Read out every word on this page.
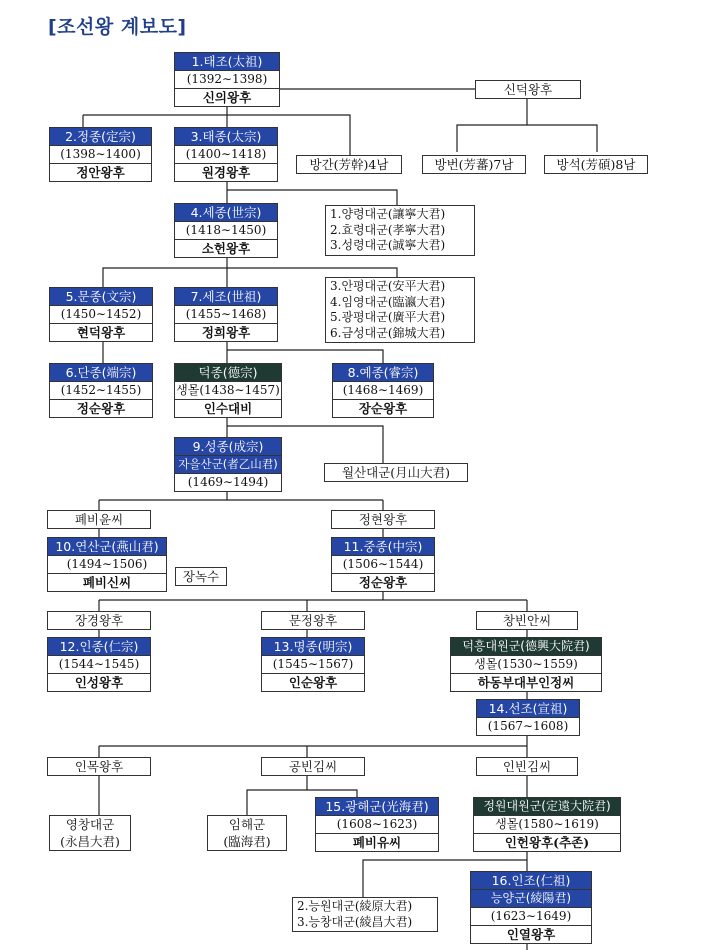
[조선왕 계보도]
1.태조(太祖)
(1392∼1398)
신의왕후
신덕왕후
2.정종(定宗)
(1398∼1400)
정안왕후
3.태종(太宗)
(1400∼1418)
원경왕후
방간(芳幹)4남	방번(芳蕃)7남	방석(芳碩)8남
4.세종(世宗)
(1418∼1450)
소헌왕후
1.양령대군(讓寧大君)
2.효령대군(孝寧大君)
3.성령대군(誠寧大君)
5.문종(文宗)
(1450∼1452)
현덕왕후
7.세조(世祖)
(1455∼1468)
정희왕후
3.안평대군(安平大君)
4.임영대군(臨瀛大君)
5.광평대군(廣平大君)
6.금성대군(錦城大君)
6.단종(端宗)
(1452∼1455)
정순왕후
덕종(德宗)
생몰(1438∼1457)
인수대비
8.예종(睿宗)
(1468∼1469)
장순왕후
9.성종(成宗)
자을산군(者乙山君)
(1469∼1494)
월산대군(月山大君)
폐비윤씨	정현왕후
10.연산군(燕山君)
(1494∼1506)
폐비신씨	장녹수
11.중종(中宗)
(1506∼1544)
정순왕후
장경왕후	문정왕후	창빈안씨
12.인종(仁宗)
(1544∼1545)
인성왕후
13.명종(明宗)
(1545∼1567)
인순왕후
덕흥대원군(德興大院君)
생몰(1530∼1559)
하동부대부인정씨
14.선조(宣祖)
(1567∼1608)
인목왕후	공빈김씨	인빈김씨
영창대군
(永昌大君)
임해군
(臨海君)
15.광해군(光海君)
(1608∼1623)
폐비유씨
정원대원군(定遠大院君)
생몰(1580∼1619)
인헌왕후(추존)
2.능원대군(綾原大君)
3.능창대군(綾昌大君)
16.인조(仁祖)
능양군(綾陽君)
(1623∼1649)
인열왕후
